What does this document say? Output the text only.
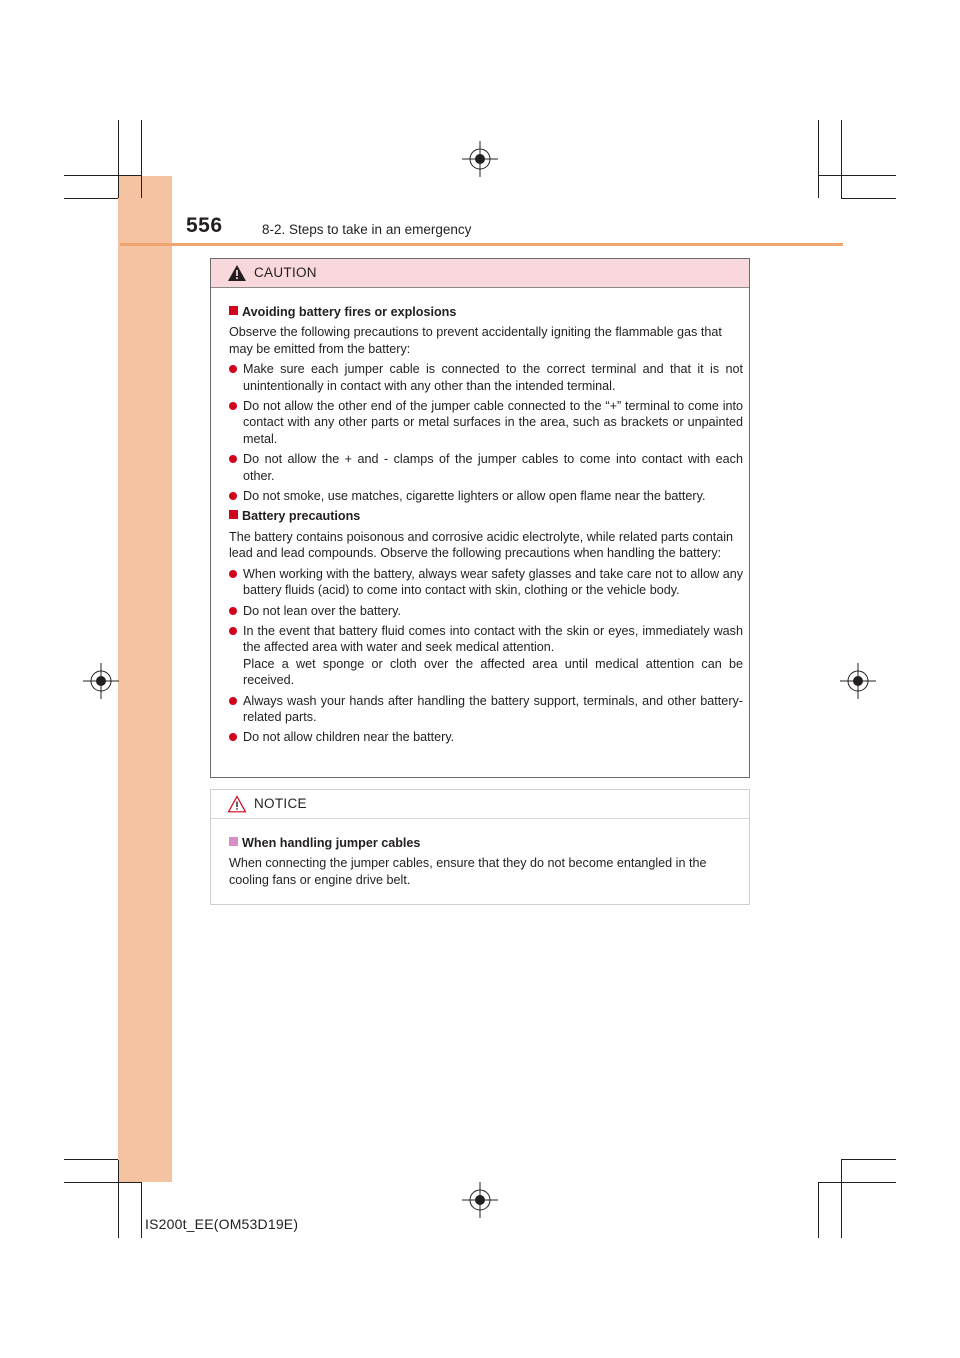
556	8-2. Steps to take in an emergency
CAUTION
Avoiding battery fires or explosions
Observe the following precautions to prevent accidentally igniting the flammable gas that may be emitted from the battery:
Make sure each jumper cable is connected to the correct terminal and that it is not unintentionally in contact with any other than the intended terminal.
Do not allow the other end of the jumper cable connected to the “+” terminal to come into contact with any other parts or metal surfaces in the area, such as brackets or unpainted metal.
Do not allow the + and - clamps of the jumper cables to come into contact with each other.
Do not smoke, use matches, cigarette lighters or allow open flame near the battery.
Battery precautions
The battery contains poisonous and corrosive acidic electrolyte, while related parts contain lead and lead compounds. Observe the following precautions when handling the battery:
When working with the battery, always wear safety glasses and take care not to allow any battery fluids (acid) to come into contact with skin, clothing or the vehicle body.
Do not lean over the battery.
In the event that battery fluid comes into contact with the skin or eyes, immediately wash the affected area with water and seek medical attention.
Place a wet sponge or cloth over the affected area until medical attention can be received.
Always wash your hands after handling the battery support, terminals, and other battery-related parts.
Do not allow children near the battery.
NOTICE
When handling jumper cables
When connecting the jumper cables, ensure that they do not become entangled in the cooling fans or engine drive belt.
IS200t_EE(OM53D19E)
